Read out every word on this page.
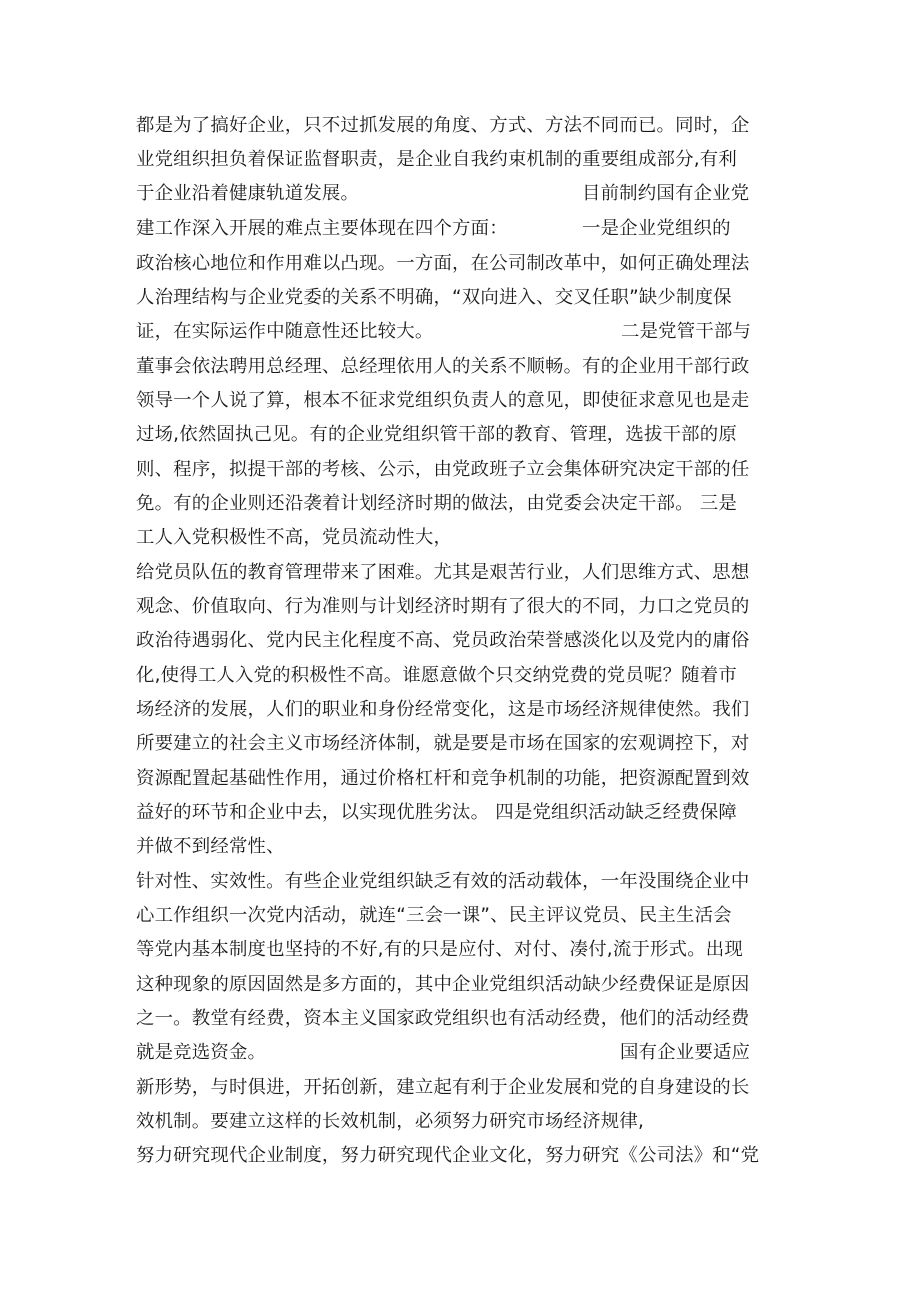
都是为了搞好企业，只不过抓发展的角度、方式、方法不同而已。同时，企
业党组织担负着保证监督职责，是企业自我约束机制的重要组成部分,有利
于企业沿着健康轨道发展。	目前制约国有企业党
建工作深入开展的难点主要体现在四个方面：	一是企业党组织的
政治核心地位和作用难以凸现。一方面，在公司制改革中，如何正确处理法
人治理结构与企业党委的关系不明确，“双向进入、交叉任职”缺少制度保
证，在实际运作中随意性还比较大。	二是党管干部与
董事会依法聘用总经理、总经理依用人的关系不顺畅。有的企业用干部行政
领导一个人说了算，根本不征求党组织负责人的意见，即使征求意见也是走
过场,依然固执己见。有的企业党组织管干部的教育、管理，选拔干部的原
则、程序，拟提干部的考核、公示，由党政班子立会集体研究决定干部的任
免。有的企业则还沿袭着计划经济时期的做法，由党委会决定干部。 三是
工人入党积极性不高，党员流动性大，
给党员队伍的教育管理带来了困难。尤其是艰苦行业，人们思维方式、思想
观念、价值取向、行为准则与计划经济时期有了很大的不同，力口之党员的
政治待遇弱化、党内民主化程度不高、党员政治荣誉感淡化以及党内的庸俗
化,使得工人入党的积极性不高。谁愿意做个只交纳党费的党员呢？随着市
场经济的发展，人们的职业和身份经常变化，这是市场经济规律使然。我们
所要建立的社会主义市场经济体制，就是要是市场在国家的宏观调控下，对
资源配置起基础性作用，通过价格杠杆和竞争机制的功能，把资源配置到效
益好的环节和企业中去，以实现优胜劣汰。 四是党组织活动缺乏经费保障
并做不到经常性、
针对性、实效性。有些企业党组织缺乏有效的活动载体，一年没围绕企业中
心工作组织一次党内活动，就连“三会一课”、民主评议党员、民主生活会
等党内基本制度也坚持的不好,有的只是应付、对付、凑付,流于形式。出现
这种现象的原因固然是多方面的，其中企业党组织活动缺少经费保证是原因
之一。教堂有经费，资本主义国家政党组织也有活动经费，他们的活动经费
就是竞选资金。	国有企业要适应
新形势，与时俱进，开拓创新，建立起有利于企业发展和党的自身建设的长
效机制。要建立这样的长效机制，必须努力研究市场经济规律,
努力研究现代企业制度，努力研究现代企业文化，努力研究《公司法》和“党
